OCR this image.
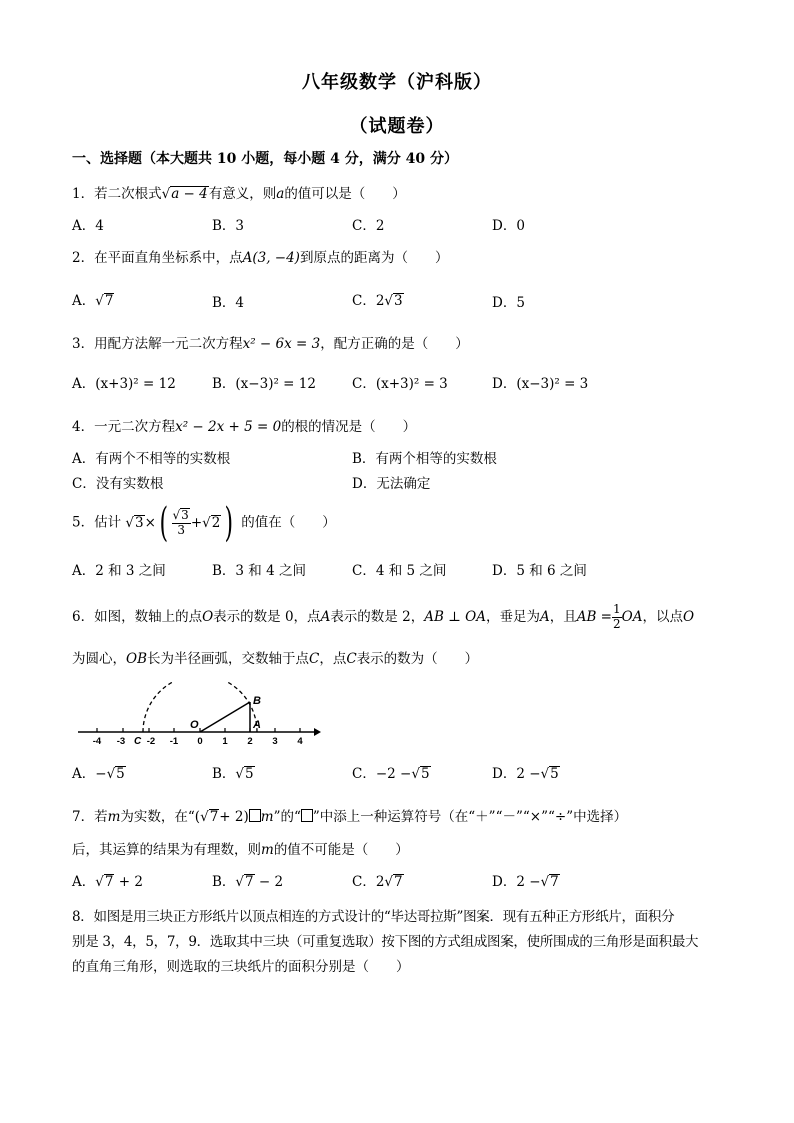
八年级数学（沪科版）
（试题卷）
一、选择题（本大题共 10 小题，每小题 4 分，满分 40 分）
1．若二次根式√a − 4有意义，则a的值可以是（　　）
A．4	B．3	C．2	D．0
2．在平面直角坐标系中，点A(3, −4)到原点的距离为（　　）
A．√7	B．4	C．2√3	D．5
3．用配方法解一元二次方程x² − 6x = 3，配方正确的是（　　）
A．(x+3)² = 12	B．(x−3)² = 12	C．(x+3)² = 3	D．(x−3)² = 3
4．一元二次方程x² − 2x + 5 = 0的根的情况是（　　）
A．有两个不相等的实数根	B．有两个相等的实数根
C．没有实数根	D．无法确定
5．估计 √ 3 × ( $\frac{√3}{3}$ + √ 2 ) 的值在（　　）
A．2 和 3 之间	B．3 和 4 之间	C．4 和 5 之间	D．5 和 6 之间
6．如图，数轴上的点O表示的数是 0，点A表示的数是 2，AB ⊥ OA，垂足为A，且AB = $\frac{1}{2}$ OA，以点O
为圆心，OB长为半径画弧，交数轴于点C，点C表示的数为（　　）
B
O	A
C
-4 -3 -2 -1 0 1 2 3 4
A．−√5	B．√5	C．−2 −√5	D．2 −√5
7．若m为实数，在“(√7+ 2) m”的“ ”中添上一种运算符号（在“＋”“－”“×”“÷”中选择）
后，其运算的结果为有理数，则m的值不可能是（　　）
A．√7 + 2	B．√7 − 2	C．2√7	D．2 −√7
8．如图是用三块正方形纸片以顶点相连的方式设计的“毕达哥拉斯”图案．现有五种正方形纸片，面积分
别是 3，4，5，7，9．选取其中三块（可重复选取）按下图的方式组成图案，使所围成的三角形是面积最大
的直角三角形，则选取的三块纸片的面积分别是（　　）
